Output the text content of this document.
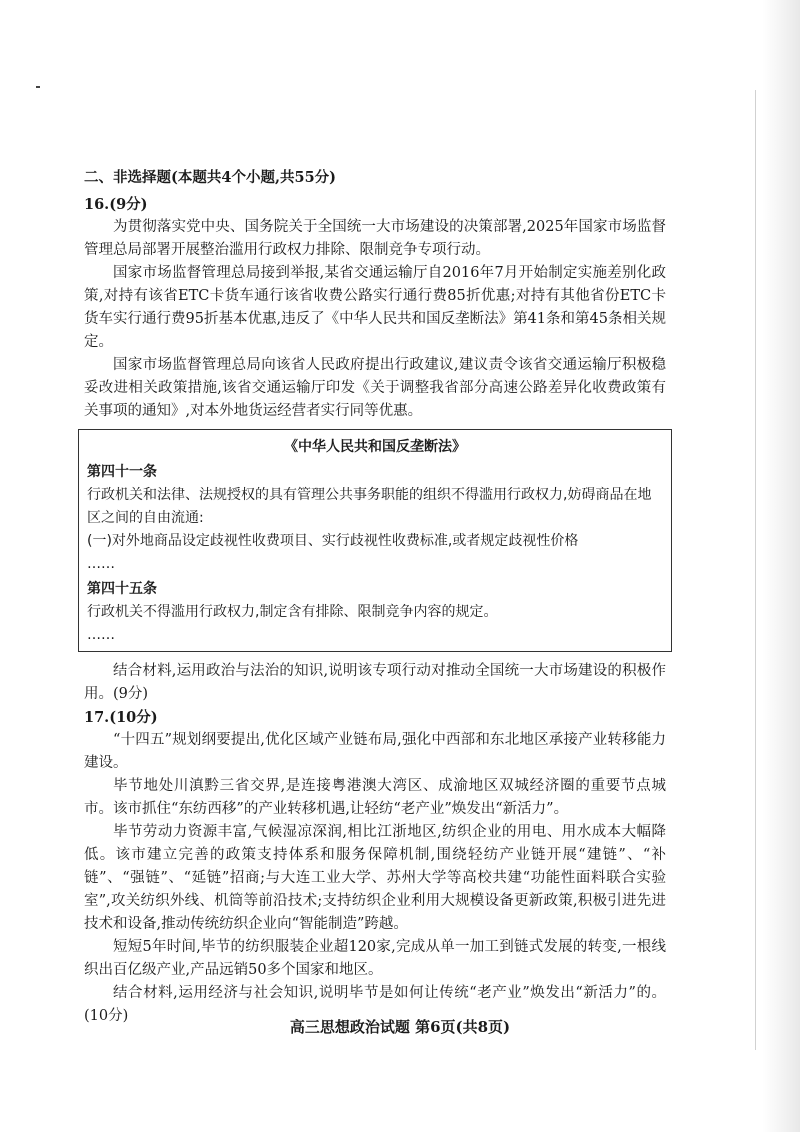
二、非选择题(本题共4个小题,共55分)
16.(9分)

为贯彻落实党中央、国务院关于全国统一大市场建设的决策部署,2025年国家市场监督管理总局部署开展整治滥用行政权力排除、限制竞争专项行动。

国家市场监督管理总局接到举报,某省交通运输厅自2016年7月开始制定实施差别化政策,对持有该省ETC卡货车通行该省收费公路实行通行费85折优惠;对持有其他省份ETC卡货车实行通行费95折基本优惠,违反了《中华人民共和国反垄断法》第41条和第45条相关规定。

国家市场监督管理总局向该省人民政府提出行政建议,建议责令该省交通运输厅积极稳妥改进相关政策措施,该省交通运输厅印发《关于调整我省部分高速公路差异化收费政策有关事项的通知》,对本外地货运经营者实行同等优惠。

《中华人民共和国反垄断法》
第四十一条
行政机关和法律、法规授权的具有管理公共事务职能的组织不得滥用行政权力,妨碍商品在地区之间的自由流通:
(一)对外地商品设定歧视性收费项目、实行歧视性收费标准,或者规定歧视性价格
……
第四十五条
行政机关不得滥用行政权力,制定含有排除、限制竞争内容的规定。
……

结合材料,运用政治与法治的知识,说明该专项行动对推动全国统一大市场建设的积极作用。(9分)

17.(10分)

“十四五”规划纲要提出,优化区域产业链布局,强化中西部和东北地区承接产业转移能力建设。

毕节地处川滇黔三省交界,是连接粤港澳大湾区、成渝地区双城经济圈的重要节点城市。该市抓住“东纺西移”的产业转移机遇,让轻纺“老产业”焕发出“新活力”。

毕节劳动力资源丰富,气候湿凉深润,相比江浙地区,纺织企业的用电、用水成本大幅降低。该市建立完善的政策支持体系和服务保障机制,围绕轻纺产业链开展“建链”、“补链”、“强链”、“延链”招商;与大连工业大学、苏州大学等高校共建“功能性面料联合实验室”,攻关纺织外线、机筒等前沿技术;支持纺织企业利用大规模设备更新政策,积极引进先进技术和设备,推动传统纺织企业向“智能制造”跨越。

短短5年时间,毕节的纺织服装企业超120家,完成从单一加工到链式发展的转变,一根线织出百亿级产业,产品远销50多个国家和地区。

结合材料,运用经济与社会知识,说明毕节是如何让传统“老产业”焕发出“新活力”的。(10分)

高三思想政治试题 第6页(共8页)
